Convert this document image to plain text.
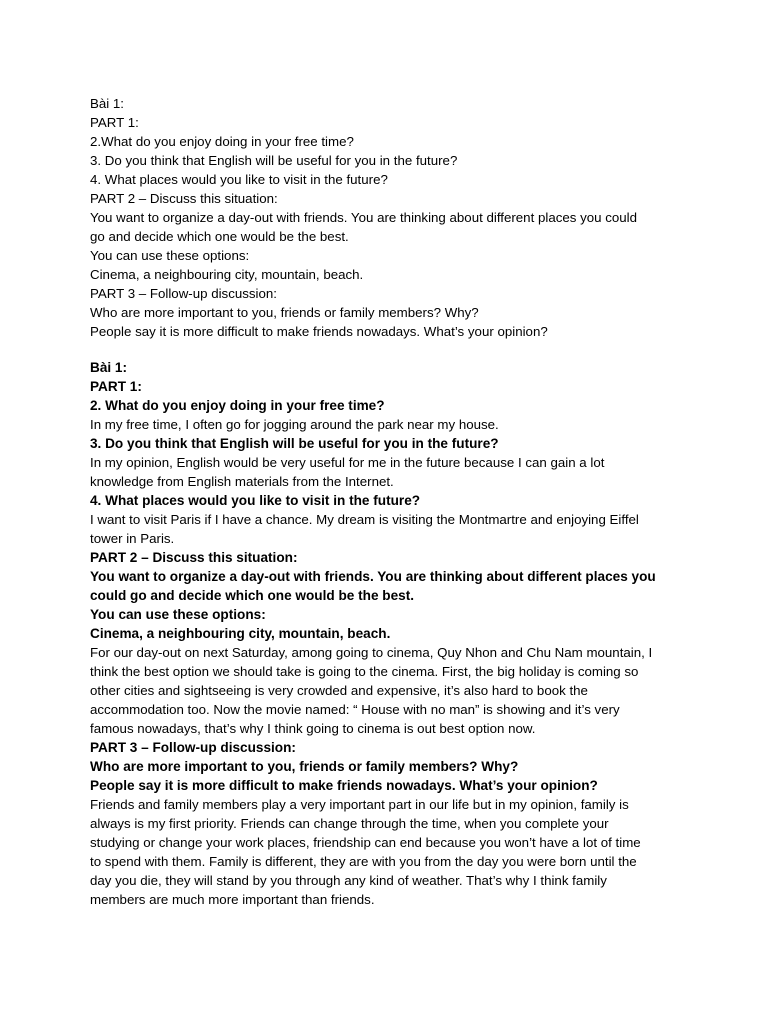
Bài 1:
PART 1:
2.What do you enjoy doing in your free time?
3. Do you think that English will be useful for you in the future?
4. What places would you like to visit in the future?
PART 2 – Discuss this situation:
You want to organize a day-out with friends. You are thinking about different places you could
go and decide which one would be the best.
You can use these options:
Cinema, a neighbouring city, mountain, beach.
PART 3 – Follow-up discussion:
Who are more important to you, friends or family members? Why?
People say it is more difficult to make friends nowadays. What’s your opinion?
Bài 1:
PART 1:
2. What do you enjoy doing in your free time?
In my free time, I often go for jogging around the park near my house.
3. Do you think that English will be useful for you in the future?
In my opinion, English would be very useful for me in the future because I can gain a lot
knowledge from English materials from the Internet.
4. What places would you like to visit in the future?
I want to visit Paris if I have a chance. My dream is visiting the Montmartre and enjoying Eiffel
tower in Paris.
PART 2 – Discuss this situation:
You want to organize a day-out with friends. You are thinking about different places you
could go and decide which one would be the best.
You can use these options:
Cinema, a neighbouring city, mountain, beach.
For our day-out on next Saturday, among going to cinema, Quy Nhon and Chu Nam mountain, I
think the best option we should take is going to the cinema. First, the big holiday is coming so
other cities and sightseeing is very crowded and expensive, it’s also hard to book the
accommodation too. Now the movie named: “ House with no man” is showing and it’s very
famous nowadays, that’s why I think going to cinema is out best option now.
PART 3 – Follow-up discussion:
Who are more important to you, friends or family members? Why?
People say it is more difficult to make friends nowadays. What’s your opinion?
Friends and family members play a very important part in our life but in my opinion, family is
always is my first priority. Friends can change through the time, when you complete your
studying or change your work places, friendship can end because you won’t have a lot of time
to spend with them. Family is different, they are with you from the day you were born until the
day you die, they will stand by you through any kind of weather. That’s why I think family
members are much more important than friends.
